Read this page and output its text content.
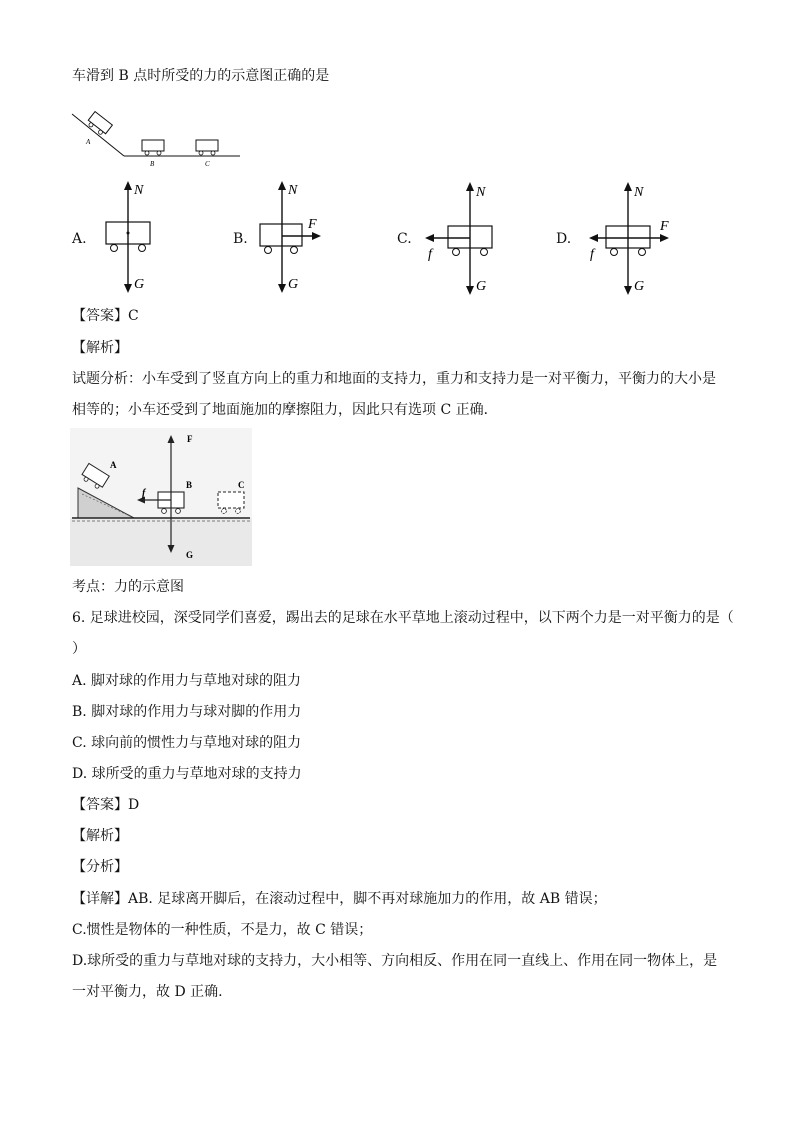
车滑到 B 点时所受的力的示意图正确的是
A
B	C
A.
N
G
B.
N
F
G
C.
N
f
G
D.
N
f
F
G
【答案】C
【解析】
试题分析：小车受到了竖直方向上的重力和地面的支持力，重力和支持力是一对平衡力，平衡力的大小是
相等的；小车还受到了地面施加的摩擦阻力，因此只有选项 C 正确．
F
A
B	C
f
G
考点：力的示意图
6. 足球进校园，深受同学们喜爱，踢出去的足球在水平草地上滚动过程中，以下两个力是一对平衡力的是（
）
A. 脚对球的作用力与草地对球的阻力
B. 脚对球的作用力与球对脚的作用力
C. 球向前的惯性力与草地对球的阻力
D. 球所受的重力与草地对球的支持力
【答案】D
【解析】
【分析】
【详解】AB. 足球离开脚后，在滚动过程中，脚不再对球施加力的作用，故 AB 错误；
C.惯性是物体的一种性质，不是力，故 C 错误；
D.球所受的重力与草地对球的支持力，大小相等、方向相反、作用在同一直线上、作用在同一物体上，是
一对平衡力，故 D 正确.
